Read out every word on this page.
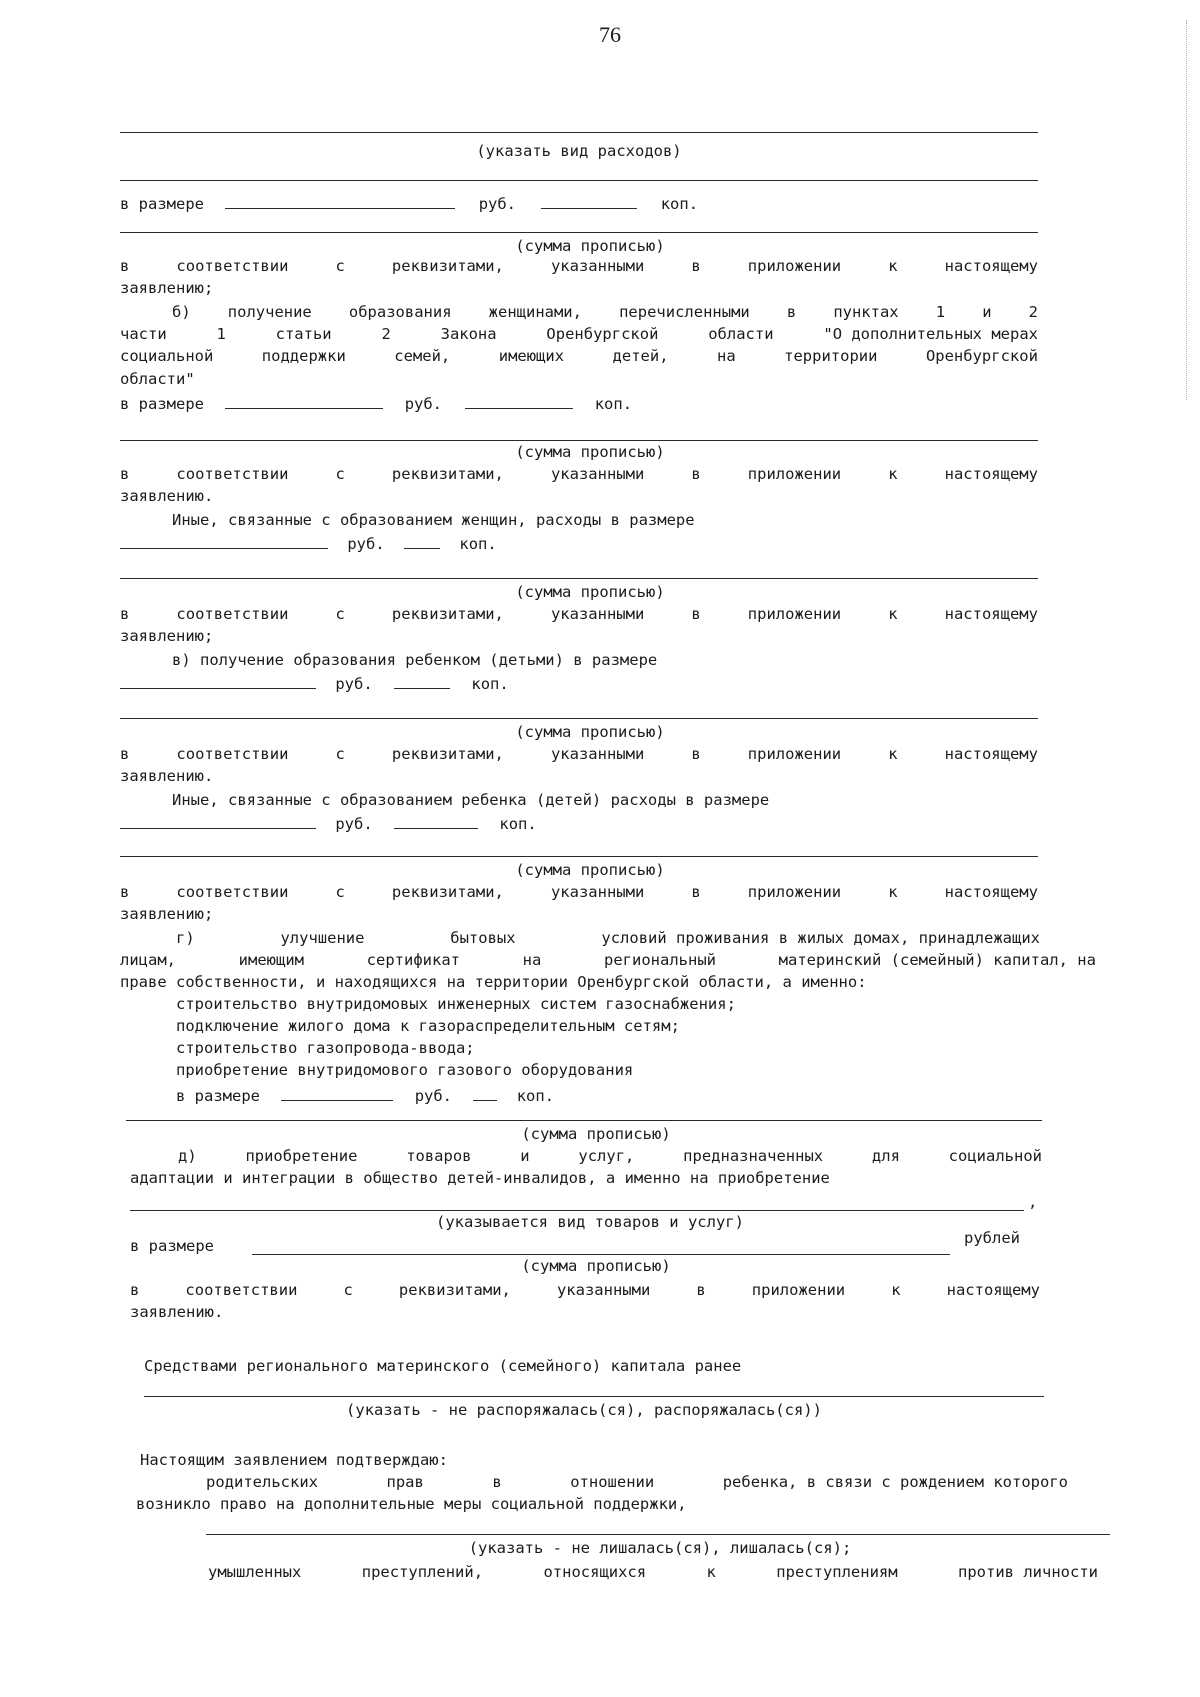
76
(указать вид расходов)
в размере	руб.	коп.
(сумма прописью)
в	соответствии	с	реквизитами,	указанными	в	приложении	к	настоящему
заявлению;
б) получение образования женщинами, перечисленными в пунктах 1 и 2
части	1	статьи	2	Закона	Оренбургской	области	"О дополнительных мерах
социальной	поддержки	семей,	имеющих	детей,	на	территории	Оренбургской
области"
в размере	руб.	коп.
(сумма прописью)
в	соответствии	с	реквизитами,	указанными	в	приложении	к	настоящему
заявлению.
Иные, связанные с образованием женщин, расходы в размере
руб.	коп.
(сумма прописью)
в	соответствии	с	реквизитами,	указанными	в	приложении	к	настоящему
заявлению;
в) получение образования ребенком (детьми) в размере
руб.	коп.
(сумма прописью)
в	соответствии	с	реквизитами,	указанными	в	приложении	к	настоящему
заявлению.
Иные, связанные с образованием ребенка (детей) расходы в размере
руб.	коп.
(сумма прописью)
в	соответствии	с	реквизитами,	указанными	в	приложении	к	настоящему
заявлению;
г)	улучшение	бытовых	условий проживания в жилых домах, принадлежащих
лицам,	имеющим	сертификат	на	региональный	материнский (семейный) капитал, на
праве собственности, и находящихся на территории Оренбургской области, а именно:
строительство внутридомовых инженерных систем газоснабжения;
подключение жилого дома к газораспределительным сетям;
строительство газопровода-ввода;
приобретение внутридомового газового оборудования
в размере	руб.	коп.
(сумма прописью)
д)	приобретение	товаров	и	услуг,	предназначенных	для	социальной
адаптации и интеграции в общество детей-инвалидов, а именно на приобретение
,
(указывается вид товаров и услуг)
в размере	рублей
(сумма прописью)
в	соответствии	с	реквизитами,	указанными	в	приложении	к	настоящему
заявлению.
Средствами регионального материнского (семейного) капитала ранее
(указать - не распоряжалась(ся), распоряжалась(ся))
Настоящим заявлением подтверждаю:
родительских	прав	в	отношении	ребенка, в связи с рождением которого
возникло право на дополнительные меры социальной поддержки,
(указать - не лишалась(ся), лишалась(ся);
умышленных	преступлений,	относящихся	к	преступлениям	против личности
